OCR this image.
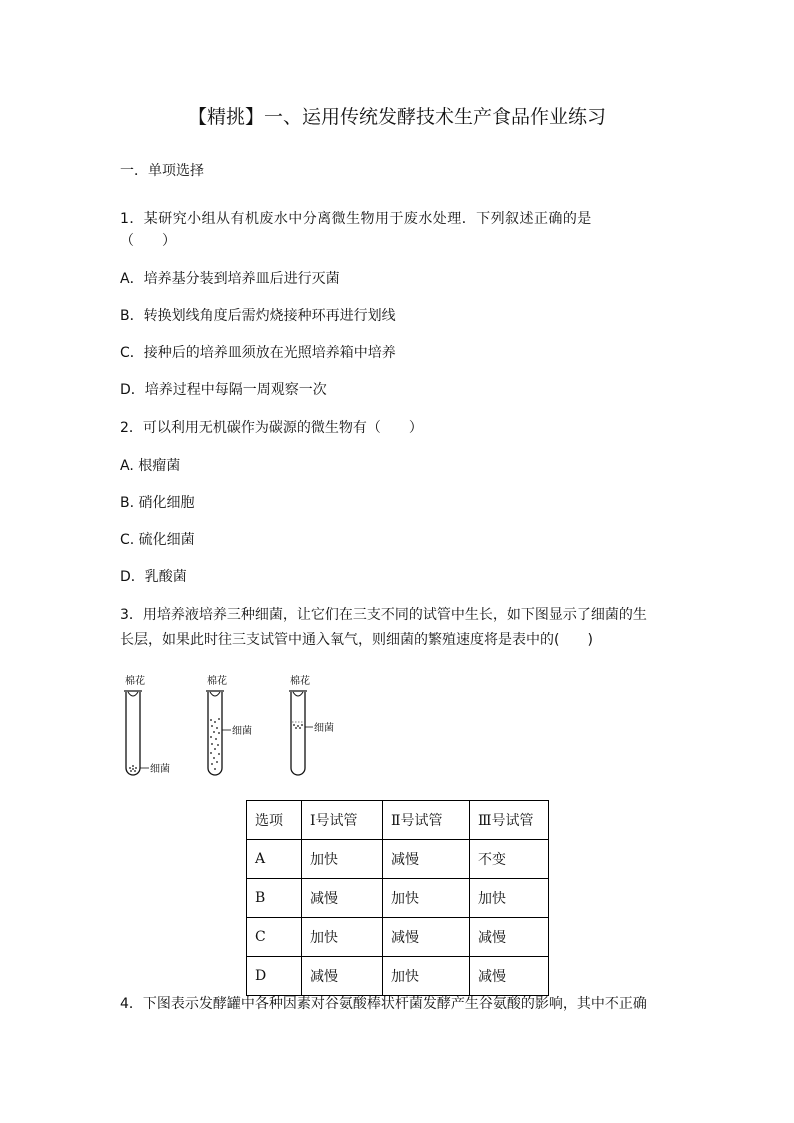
【精挑】一、运用传统发酵技术生产食品作业练习
一．单项选择
1．某研究小组从有机废水中分离微生物用于废水处理．下列叙述正确的是
（　　）
A．培养基分装到培养皿后进行灭菌
B．转换划线角度后需灼烧接种环再进行划线
C．接种后的培养皿须放在光照培养箱中培养
D．培养过程中每隔一周观察一次
2．可以利用无机碳作为碳源的微生物有（　　）
A. 根瘤菌
B. 硝化细胞
C. 硫化细菌
D．乳酸菌
3．用培养液培养三种细菌，让它们在三支不同的试管中生长，如下图显示了细菌的生
长层，如果此时往三支试管中通入氧气，则细菌的繁殖速度将是表中的(　　)
棉花
细菌
棉花
细菌
棉花
细菌
选项	Ⅰ号试管	Ⅱ号试管	Ⅲ号试管
A	加快	减慢	不变
B	减慢	加快	加快
C	加快	减慢	减慢
D	减慢	加快	减慢
4．下图表示发酵罐中各种因素对谷氨酸棒状杆菌发酵产生谷氨酸的影响，其中不正确
